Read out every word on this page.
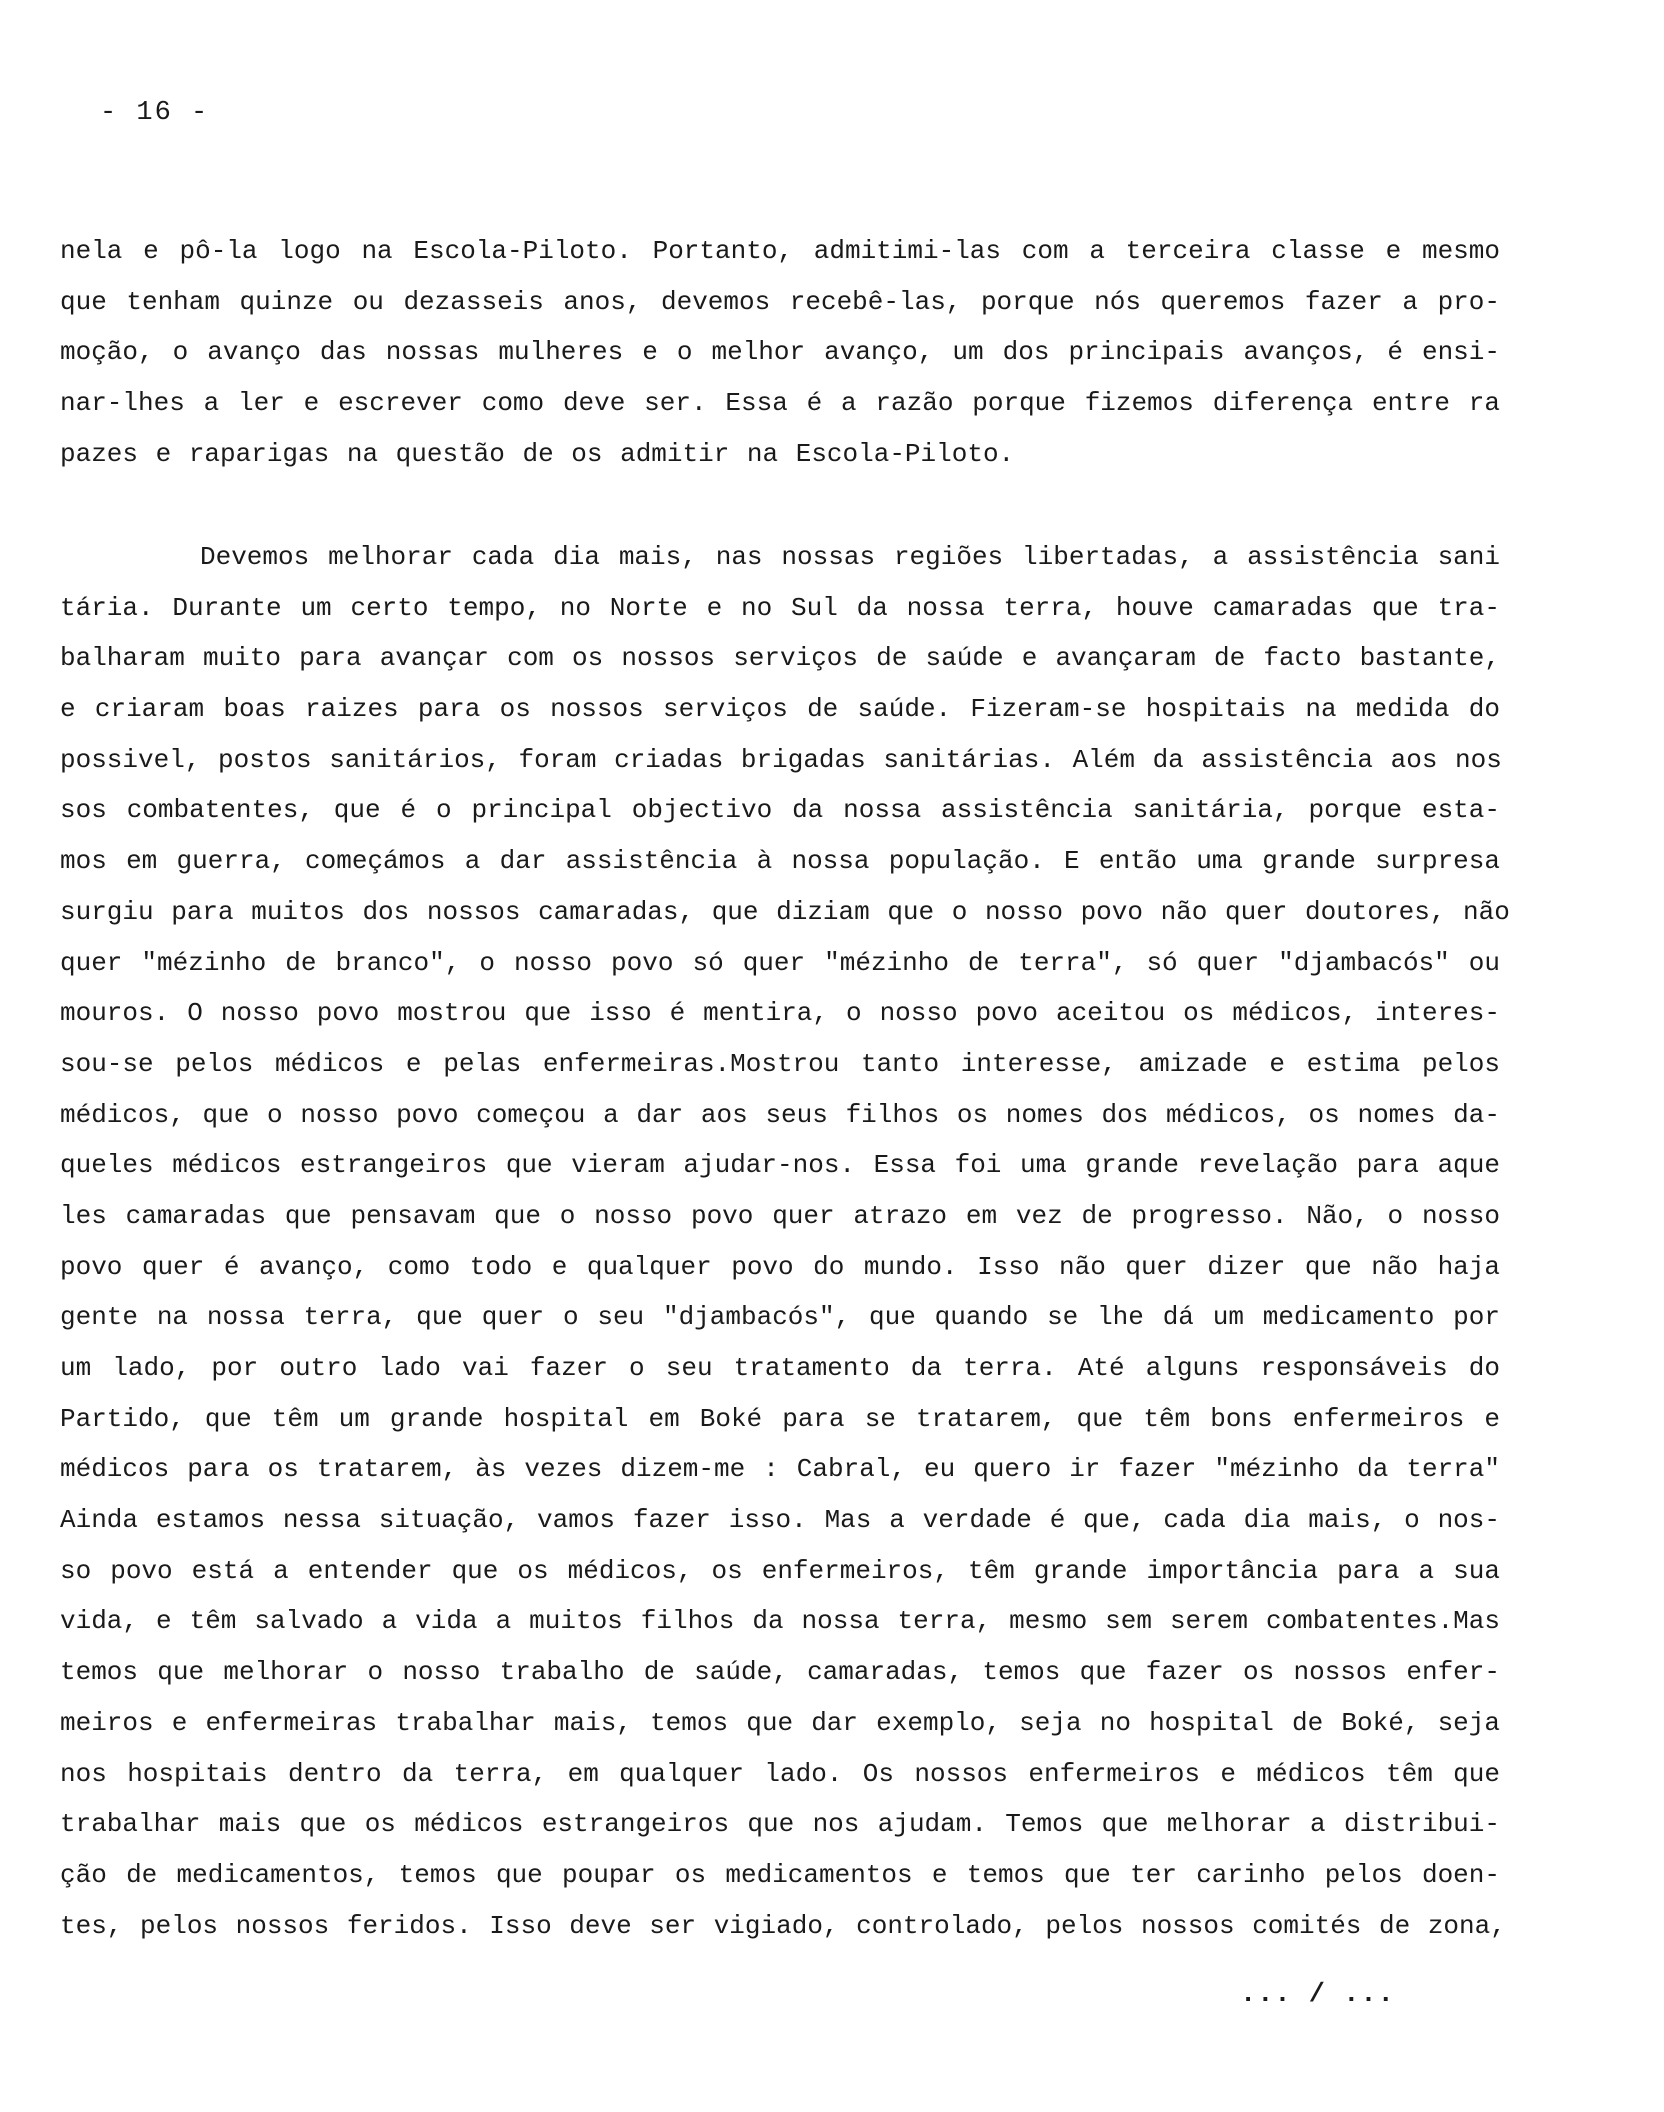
- 16 -
nela e pô-la logo na Escola-Piloto. Portanto, admitimi-las com a terceira classe e mesmo
que tenham quinze ou dezasseis anos, devemos recebê-las, porque nós queremos fazer a pro-
moção, o avanço das nossas mulheres e o melhor avanço, um dos principais avanços, é ensi-
nar-lhes a ler e escrever como deve ser. Essa é a razão porque fizemos diferença entre ra
pazes e raparigas na questão de os admitir na Escola-Piloto.
Devemos melhorar cada dia mais, nas nossas regiões libertadas, a assistência sani
tária. Durante um certo tempo, no Norte e no Sul da nossa terra, houve camaradas que tra-
balharam muito para avançar com os nossos serviços de saúde e avançaram de facto bastante,
e criaram boas raizes para os nossos serviços de saúde. Fizeram-se hospitais na medida do
possivel, postos sanitários, foram criadas brigadas sanitárias. Além da assistência aos nos
sos combatentes, que é o principal objectivo da nossa assistência sanitária, porque esta-
mos em guerra, começámos a dar assistência à nossa população. E então uma grande surpresa
surgiu para muitos dos nossos camaradas, que diziam que o nosso povo não quer doutores, não
quer "mézinho de branco", o nosso povo só quer "mézinho de terra", só quer "djambacós" ou
mouros. O nosso povo mostrou que isso é mentira, o nosso povo aceitou os médicos, interes-
sou-se pelos médicos e pelas enfermeiras.Mostrou tanto interesse, amizade e estima pelos
médicos, que o nosso povo começou a dar aos seus filhos os nomes dos médicos, os nomes da-
queles médicos estrangeiros que vieram ajudar-nos. Essa foi uma grande revelação para aque
les camaradas que pensavam que o nosso povo quer atrazo em vez de progresso. Não, o nosso
povo quer é avanço, como todo e qualquer povo do mundo. Isso não quer dizer que não haja
gente na nossa terra, que quer o seu "djambacós", que quando se lhe dá um medicamento por
um lado, por outro lado vai fazer o seu tratamento da terra. Até alguns responsáveis do
Partido, que têm um grande hospital em Boké para se tratarem, que têm bons enfermeiros e
médicos para os tratarem, às vezes dizem-me : Cabral, eu quero ir fazer "mézinho da terra"
Ainda estamos nessa situação, vamos fazer isso. Mas a verdade é que, cada dia mais, o nos-
so povo está a entender que os médicos, os enfermeiros, têm grande importância para a sua
vida, e têm salvado a vida a muitos filhos da nossa terra, mesmo sem serem combatentes.Mas
temos que melhorar o nosso trabalho de saúde, camaradas, temos que fazer os nossos enfer-
meiros e enfermeiras trabalhar mais, temos que dar exemplo, seja no hospital de Boké, seja
nos hospitais dentro da terra, em qualquer lado. Os nossos enfermeiros e médicos têm que
trabalhar mais que os médicos estrangeiros que nos ajudam. Temos que melhorar a distribui-
ção de medicamentos, temos que poupar os medicamentos e temos que ter carinho pelos doen-
tes, pelos nossos feridos. Isso deve ser vigiado, controlado, pelos nossos comités de zona,
... / ...
